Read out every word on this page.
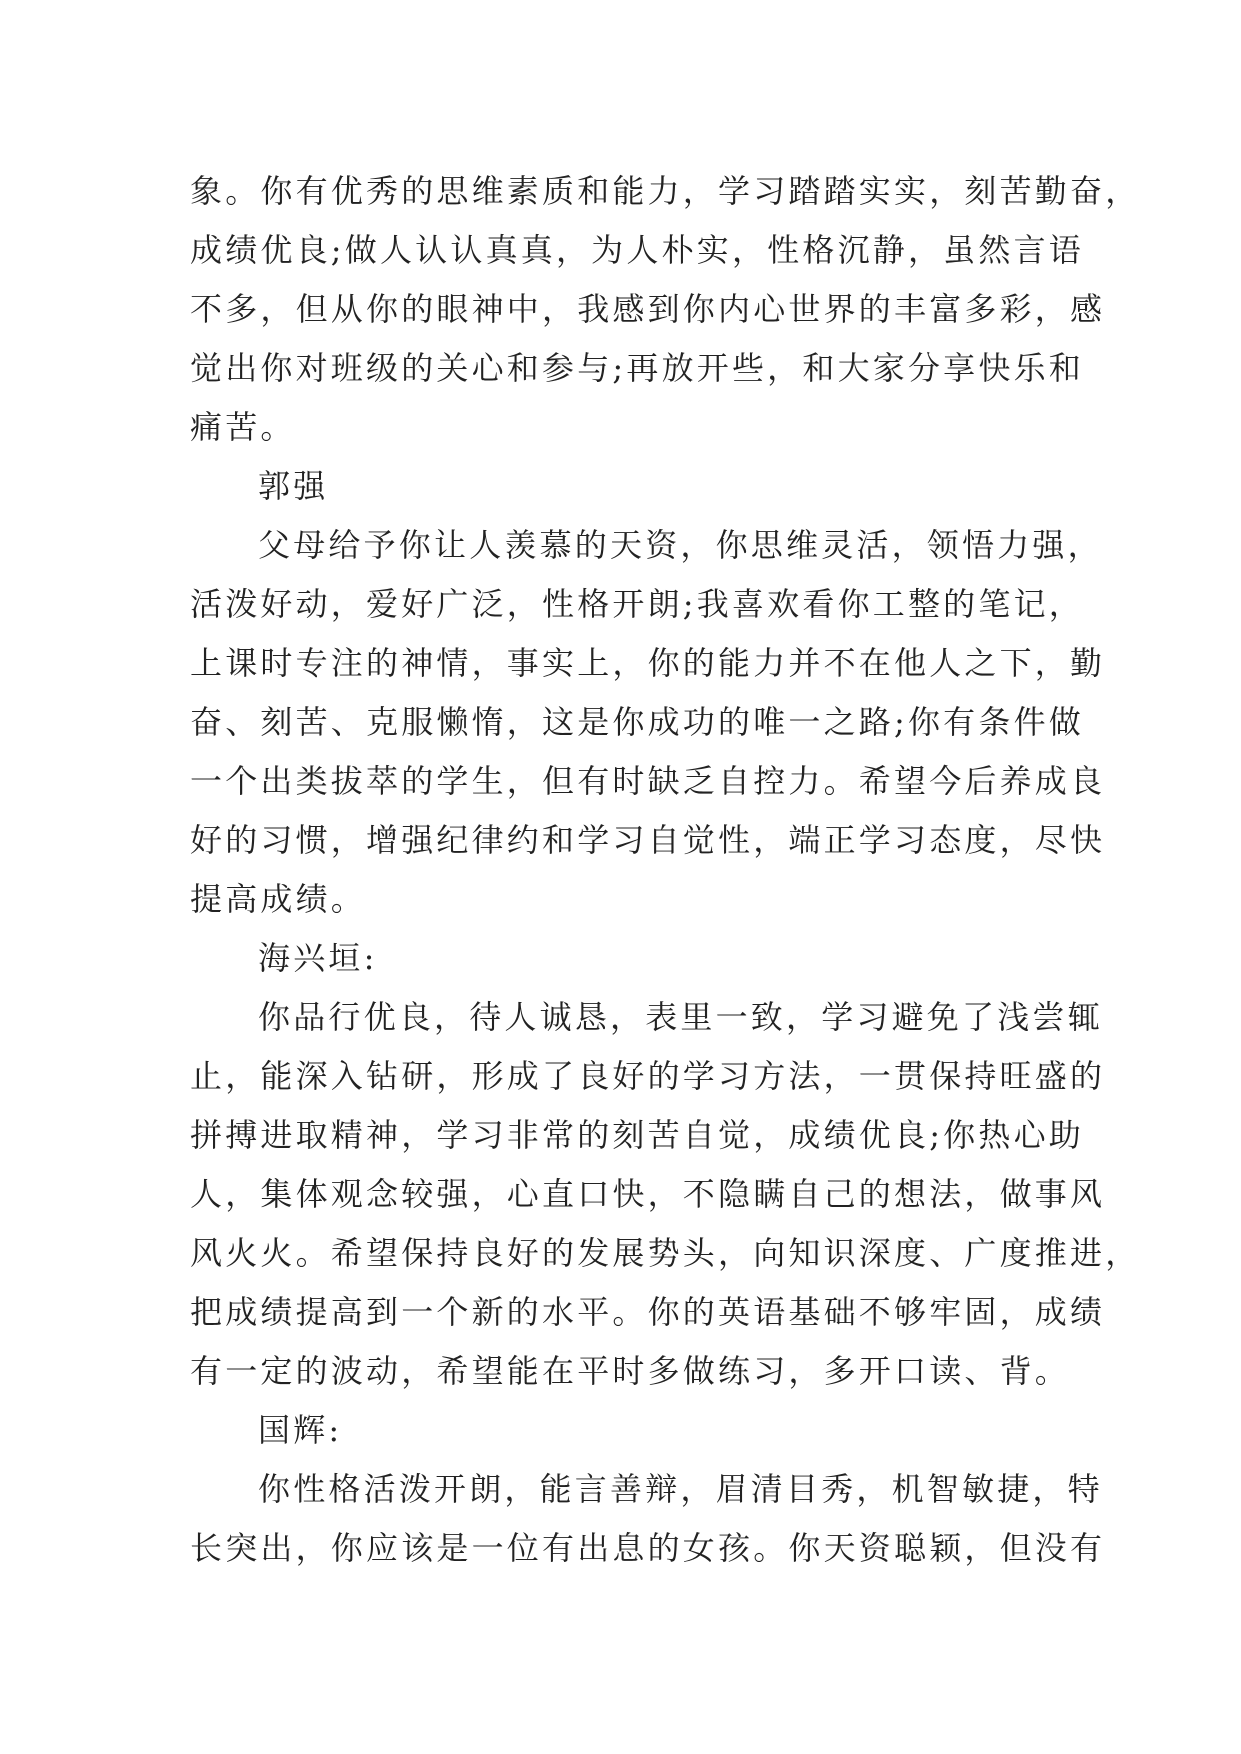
象。你有优秀的思维素质和能力，学习踏踏实实，刻苦勤奋，
成绩优良;做人认认真真，为人朴实，性格沉静，虽然言语
不多，但从你的眼神中，我感到你内心世界的丰富多彩，感
觉出你对班级的关心和参与;再放开些，和大家分享快乐和
痛苦。
郭强
父母给予你让人羡慕的天资，你思维灵活，领悟力强，
活泼好动，爱好广泛，性格开朗;我喜欢看你工整的笔记，
上课时专注的神情，事实上，你的能力并不在他人之下，勤
奋、刻苦、克服懒惰，这是你成功的唯一之路;你有条件做
一个出类拔萃的学生，但有时缺乏自控力。希望今后养成良
好的习惯，增强纪律约和学习自觉性，端正学习态度，尽快
提高成绩。
海兴垣:
你品行优良，待人诚恳，表里一致，学习避免了浅尝辄
止，能深入钻研，形成了良好的学习方法，一贯保持旺盛的
拼搏进取精神，学习非常的刻苦自觉，成绩优良;你热心助
人，集体观念较强，心直口快，不隐瞒自己的想法，做事风
风火火。希望保持良好的发展势头，向知识深度、广度推进，
把成绩提高到一个新的水平。你的英语基础不够牢固，成绩
有一定的波动，希望能在平时多做练习，多开口读、背。
国辉:
你性格活泼开朗，能言善辩，眉清目秀，机智敏捷，特
长突出，你应该是一位有出息的女孩。你天资聪颖，但没有
